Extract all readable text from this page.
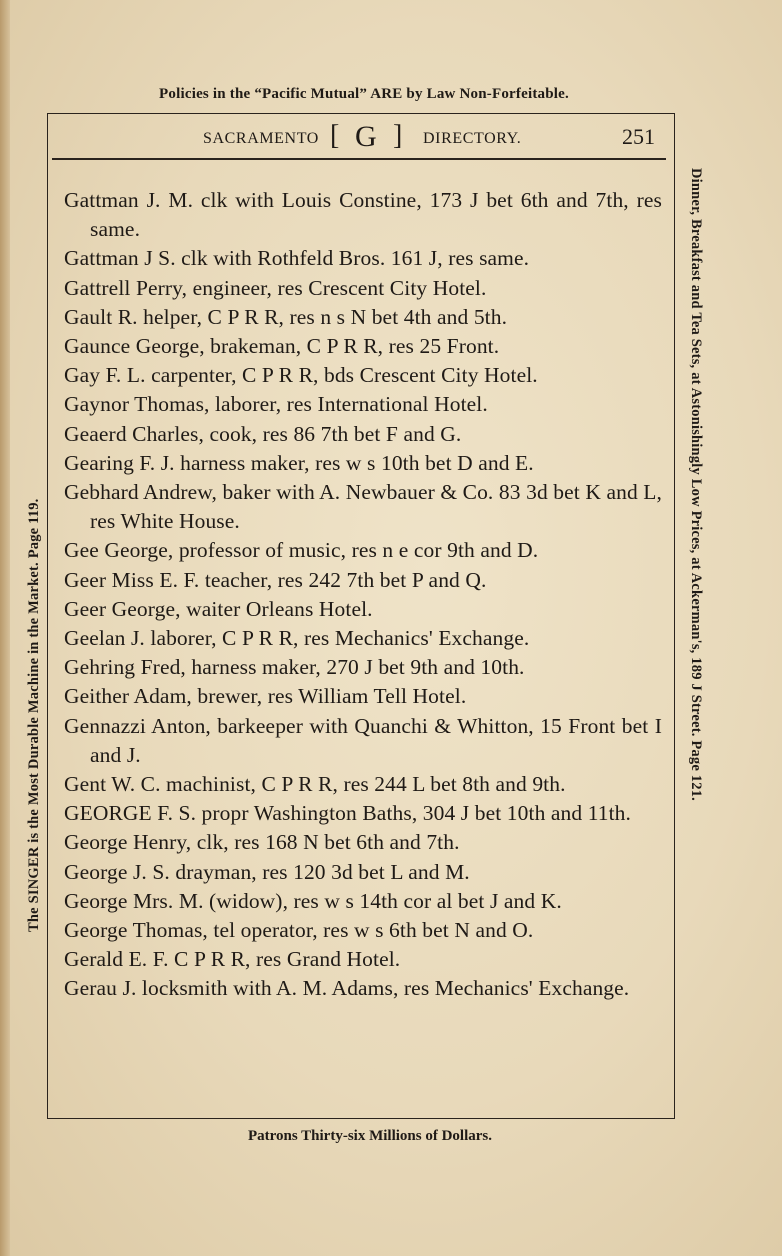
Policies in the “Pacific Mutual” ARE by Law Non-Forfeitable.
SACRAMENTO [ G ] DIRECTORY.	251
Gattman J. M. clk with Louis Constine, 173 J bet 6th and 7th, res same.
Gattman J S. clk with Rothfeld Bros. 161 J, res same.
Gattrell Perry, engineer, res Crescent City Hotel.
Gault R. helper, C P R R, res n s N bet 4th and 5th.
Gaunce George, brakeman, C P R R, res 25 Front.
Gay F. L. carpenter, C P R R, bds Crescent City Hotel.
Gaynor Thomas, laborer, res International Hotel.
Geaerd Charles, cook, res 86 7th bet F and G.
Gearing F. J. harness maker, res w s 10th bet D and E.
Gebhard Andrew, baker with A. Newbauer & Co. 83 3d bet K and L, res White House.
Gee George, professor of music, res n e cor 9th and D.
Geer Miss E. F. teacher, res 242 7th bet P and Q.
Geer George, waiter Orleans Hotel.
Geelan J. laborer, C P R R, res Mechanics' Exchange.
Gehring Fred, harness maker, 270 J bet 9th and 10th.
Geither Adam, brewer, res William Tell Hotel.
Gennazzi Anton, barkeeper with Quanchi & Whitton, 15 Front bet I and J.
Gent W. C. machinist, C P R R, res 244 L bet 8th and 9th.
GEORGE F. S. propr Washington Baths, 304 J bet 10th and 11th.
George Henry, clk, res 168 N bet 6th and 7th.
George J. S. drayman, res 120 3d bet L and M.
George Mrs. M. (widow), res w s 14th cor al bet J and K.
George Thomas, tel operator, res w s 6th bet N and O.
Gerald E. F. C P R R, res Grand Hotel.
Gerau J. locksmith with A. M. Adams, res Mechanics' Exchange.
Patrons Thirty-six Millions of Dollars.
The SINGER is the Most Durable Machine in the Market. Page 119.	Dinner, Breakfast and Tea Sets, at Astonishingly Low Prices, at Ackerman's, 189 J Street. Page 121.
